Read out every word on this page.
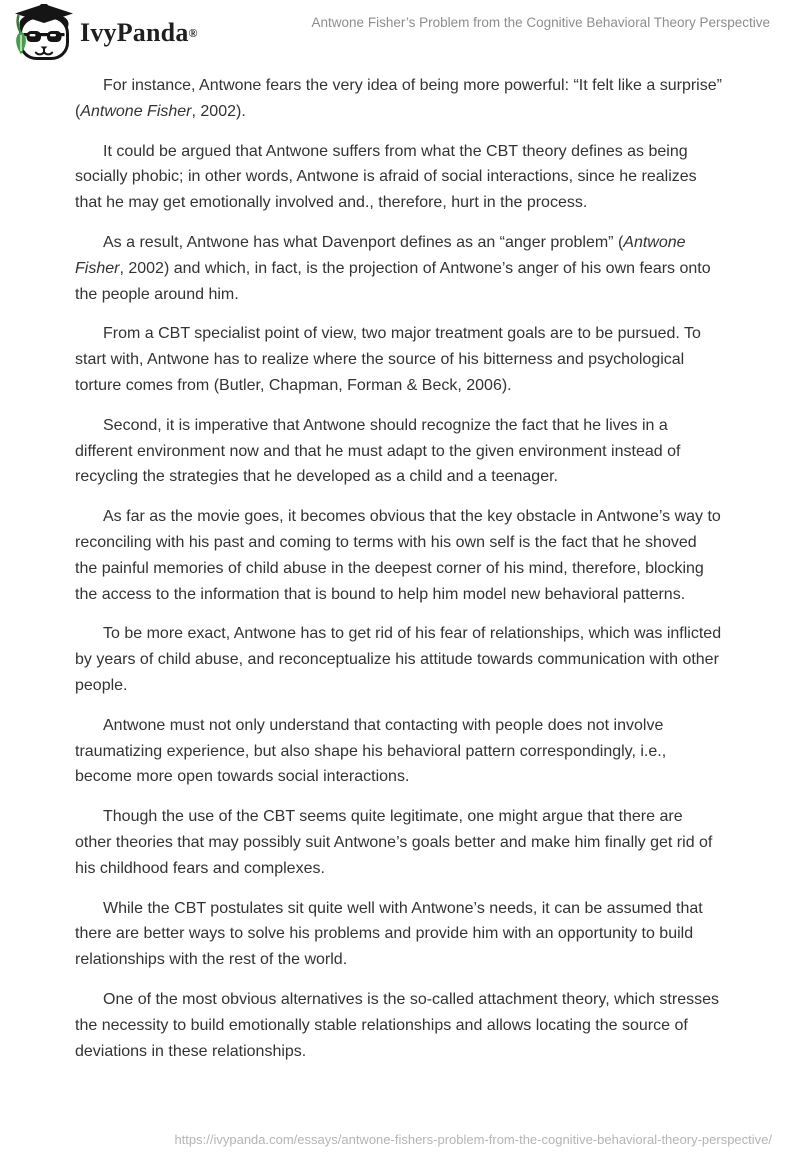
IvyPanda ®
Antwone Fisher’s Problem from the Cognitive Behavioral Theory Perspective

For instance, Antwone fears the very idea of being more powerful: “It felt like a surprise” (Antwone Fisher, 2002).

It could be argued that Antwone suffers from what the CBT theory defines as being socially phobic; in other words, Antwone is afraid of social interactions, since he realizes that he may get emotionally involved and., therefore, hurt in the process.

As a result, Antwone has what Davenport defines as an “anger problem” (Antwone Fisher, 2002) and which, in fact, is the projection of Antwone’s anger of his own fears onto the people around him.

From a CBT specialist point of view, two major treatment goals are to be pursued. To start with, Antwone has to realize where the source of his bitterness and psychological torture comes from (Butler, Chapman, Forman & Beck, 2006).

Second, it is imperative that Antwone should recognize the fact that he lives in a different environment now and that he must adapt to the given environment instead of recycling the strategies that he developed as a child and a teenager.

As far as the movie goes, it becomes obvious that the key obstacle in Antwone’s way to reconciling with his past and coming to terms with his own self is the fact that he shoved the painful memories of child abuse in the deepest corner of his mind, therefore, blocking the access to the information that is bound to help him model new behavioral patterns.

To be more exact, Antwone has to get rid of his fear of relationships, which was inflicted by years of child abuse, and reconceptualize his attitude towards communication with other people.

Antwone must not only understand that contacting with people does not involve traumatizing experience, but also shape his behavioral pattern correspondingly, i.e., become more open towards social interactions.

Though the use of the CBT seems quite legitimate, one might argue that there are other theories that may possibly suit Antwone’s goals better and make him finally get rid of his childhood fears and complexes.

While the CBT postulates sit quite well with Antwone’s needs, it can be assumed that there are better ways to solve his problems and provide him with an opportunity to build relationships with the rest of the world.

One of the most obvious alternatives is the so-called attachment theory, which stresses the necessity to build emotionally stable relationships and allows locating the source of deviations in these relationships.

https://ivypanda.com/essays/antwone-fishers-problem-from-the-cognitive-behavioral-theory-perspective/
